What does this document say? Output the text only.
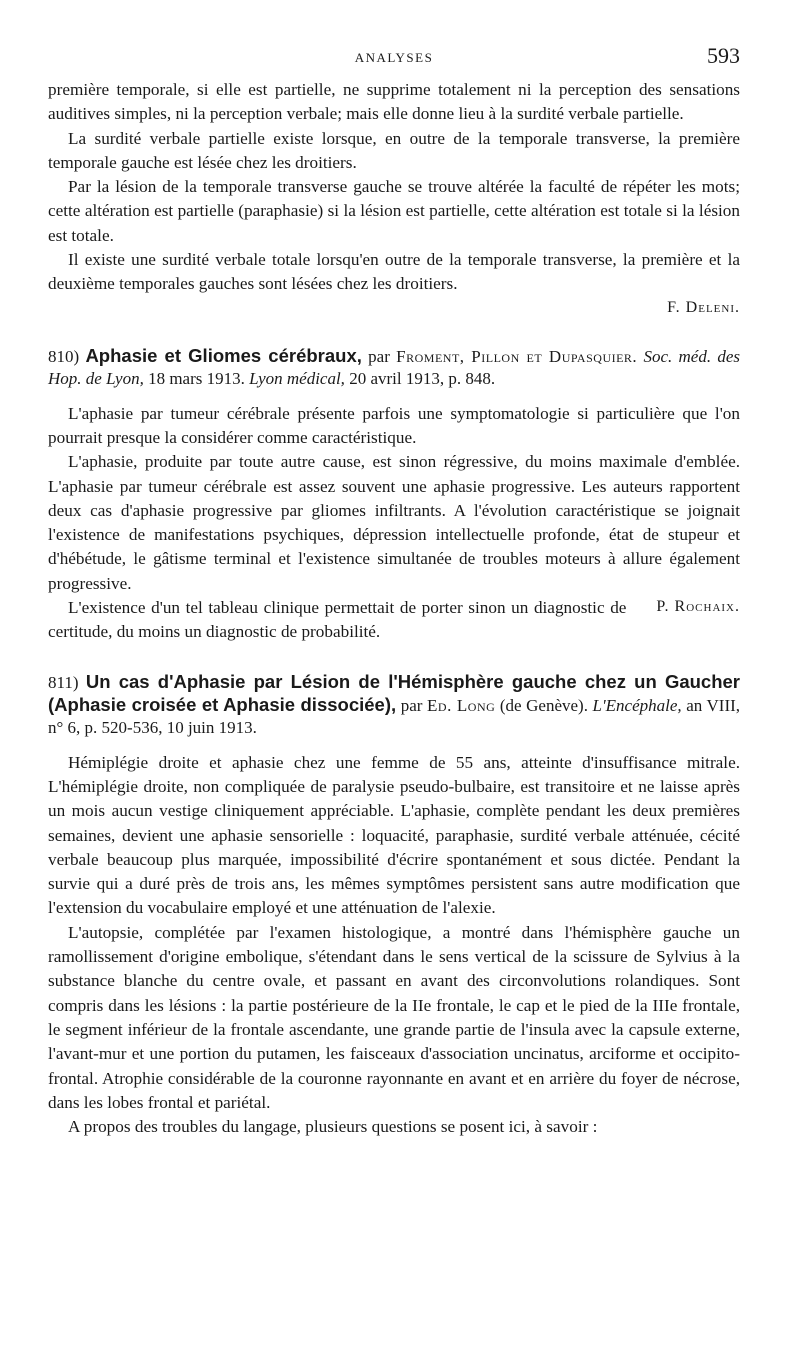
ANALYSES	593

première temporale, si elle est partielle, ne supprime totalement ni la perception des sensations auditives simples, ni la perception verbale; mais elle donne lieu à la surdité verbale partielle.

La surdité verbale partielle existe lorsque, en outre de la temporale transverse, la première temporale gauche est lésée chez les droitiers.

Par la lésion de la temporale transverse gauche se trouve altérée la faculté de répéter les mots; cette altération est partielle (paraphasie) si la lésion est partielle, cette altération est totale si la lésion est totale.

Il existe une surdité verbale totale lorsqu'en outre de la temporale transverse, la première et la deuxième temporales gauches sont lésées chez les droitiers.

F. Deleni.

810) Aphasie et Gliomes cérébraux, par Froment, Pillon et Dupasquier. Soc. méd. des Hop. de Lyon, 18 mars 1913. Lyon médical, 20 avril 1913, p. 848.

L'aphasie par tumeur cérébrale présente parfois une symptomatologie si particulière que l'on pourrait presque la considérer comme caractéristique.

L'aphasie, produite par toute autre cause, est sinon régressive, du moins maximale d'emblée. L'aphasie par tumeur cérébrale est assez souvent une aphasie progressive. Les auteurs rapportent deux cas d'aphasie progressive par gliomes infiltrants. A l'évolution caractéristique se joignait l'existence de manifestations psychiques, dépression intellectuelle profonde, état de stupeur et d'hébétude, le gâtisme terminal et l'existence simultanée de troubles moteurs à allure également progressive.

P. Rochaix.
L'existence d'un tel tableau clinique permettait de porter sinon un diagnostic de certitude, du moins un diagnostic de probabilité.

811) Un cas d'Aphasie par Lésion de l'Hémisphère gauche chez un Gaucher (Aphasie croisée et Aphasie dissociée), par Ed. Long (de Genève). L'Encéphale, an VIII, n° 6, p. 520-536, 10 juin 1913.

Hémiplégie droite et aphasie chez une femme de 55 ans, atteinte d'insuffisance mitrale. L'hémiplégie droite, non compliquée de paralysie pseudo-bulbaire, est transitoire et ne laisse après un mois aucun vestige cliniquement appréciable. L'aphasie, complète pendant les deux premières semaines, devient une aphasie sensorielle : loquacité, paraphasie, surdité verbale atténuée, cécité verbale beaucoup plus marquée, impossibilité d'écrire spontanément et sous dictée. Pendant la survie qui a duré près de trois ans, les mêmes symptômes persistent sans autre modification que l'extension du vocabulaire employé et une atténuation de l'alexie.

L'autopsie, complétée par l'examen histologique, a montré dans l'hémisphère gauche un ramollissement d'origine embolique, s'étendant dans le sens vertical de la scissure de Sylvius à la substance blanche du centre ovale, et passant en avant des circonvolutions rolandiques. Sont compris dans les lésions : la partie postérieure de la IIe frontale, le cap et le pied de la IIIe frontale, le segment inférieur de la frontale ascendante, une grande partie de l'insula avec la capsule externe, l'avant-mur et une portion du putamen, les faisceaux d'association uncinatus, arciforme et occipito-frontal. Atrophie considérable de la couronne rayonnante en avant et en arrière du foyer de nécrose, dans les lobes frontal et pariétal.

A propos des troubles du langage, plusieurs questions se posent ici, à savoir :
